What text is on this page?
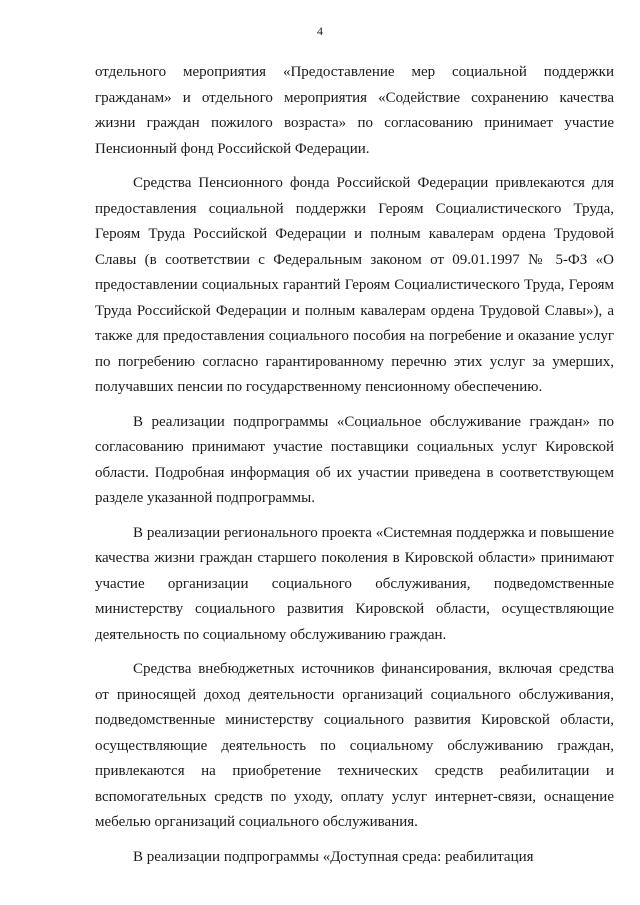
4

отдельного мероприятия «Предоставление мер социальной поддержки гражданам» и отдельного мероприятия «Содействие сохранению качества жизни граждан пожилого возраста» по согласованию принимает участие Пенсионный фонд Российской Федерации.

Средства Пенсионного фонда Российской Федерации привлекаются для предоставления социальной поддержки Героям Социалистического Труда, Героям Труда Российской Федерации и полным кавалерам ордена Трудовой Славы (в соответствии с Федеральным законом от 09.01.1997 № 5-ФЗ «О предоставлении социальных гарантий Героям Социалистического Труда, Героям Труда Российской Федерации и полным кавалерам ордена Трудовой Славы»), а также для предоставления социального пособия на погребение и оказание услуг по погребению согласно гарантированному перечню этих услуг за умерших, получавших пенсии по государственному пенсионному обеспечению.

В реализации подпрограммы «Социальное обслуживание граждан» по согласованию принимают участие поставщики социальных услуг Кировской области. Подробная информация об их участии приведена в соответствующем разделе указанной подпрограммы.

В реализации регионального проекта «Системная поддержка и повышение качества жизни граждан старшего поколения в Кировской области» принимают участие организации социального обслуживания, подведомственные министерству социального развития Кировской области, осуществляющие деятельность по социальному обслуживанию граждан.

Средства внебюджетных источников финансирования, включая средства от приносящей доход деятельности организаций социального обслуживания, подведомственные министерству социального развития Кировской области, осуществляющие деятельность по социальному обслуживанию граждан, привлекаются на приобретение технических средств реабилитации и вспомогательных средств по уходу, оплату услуг интернет-связи, оснащение мебелью организаций социального обслуживания.

В реализации подпрограммы «Доступная среда: реабилитация
